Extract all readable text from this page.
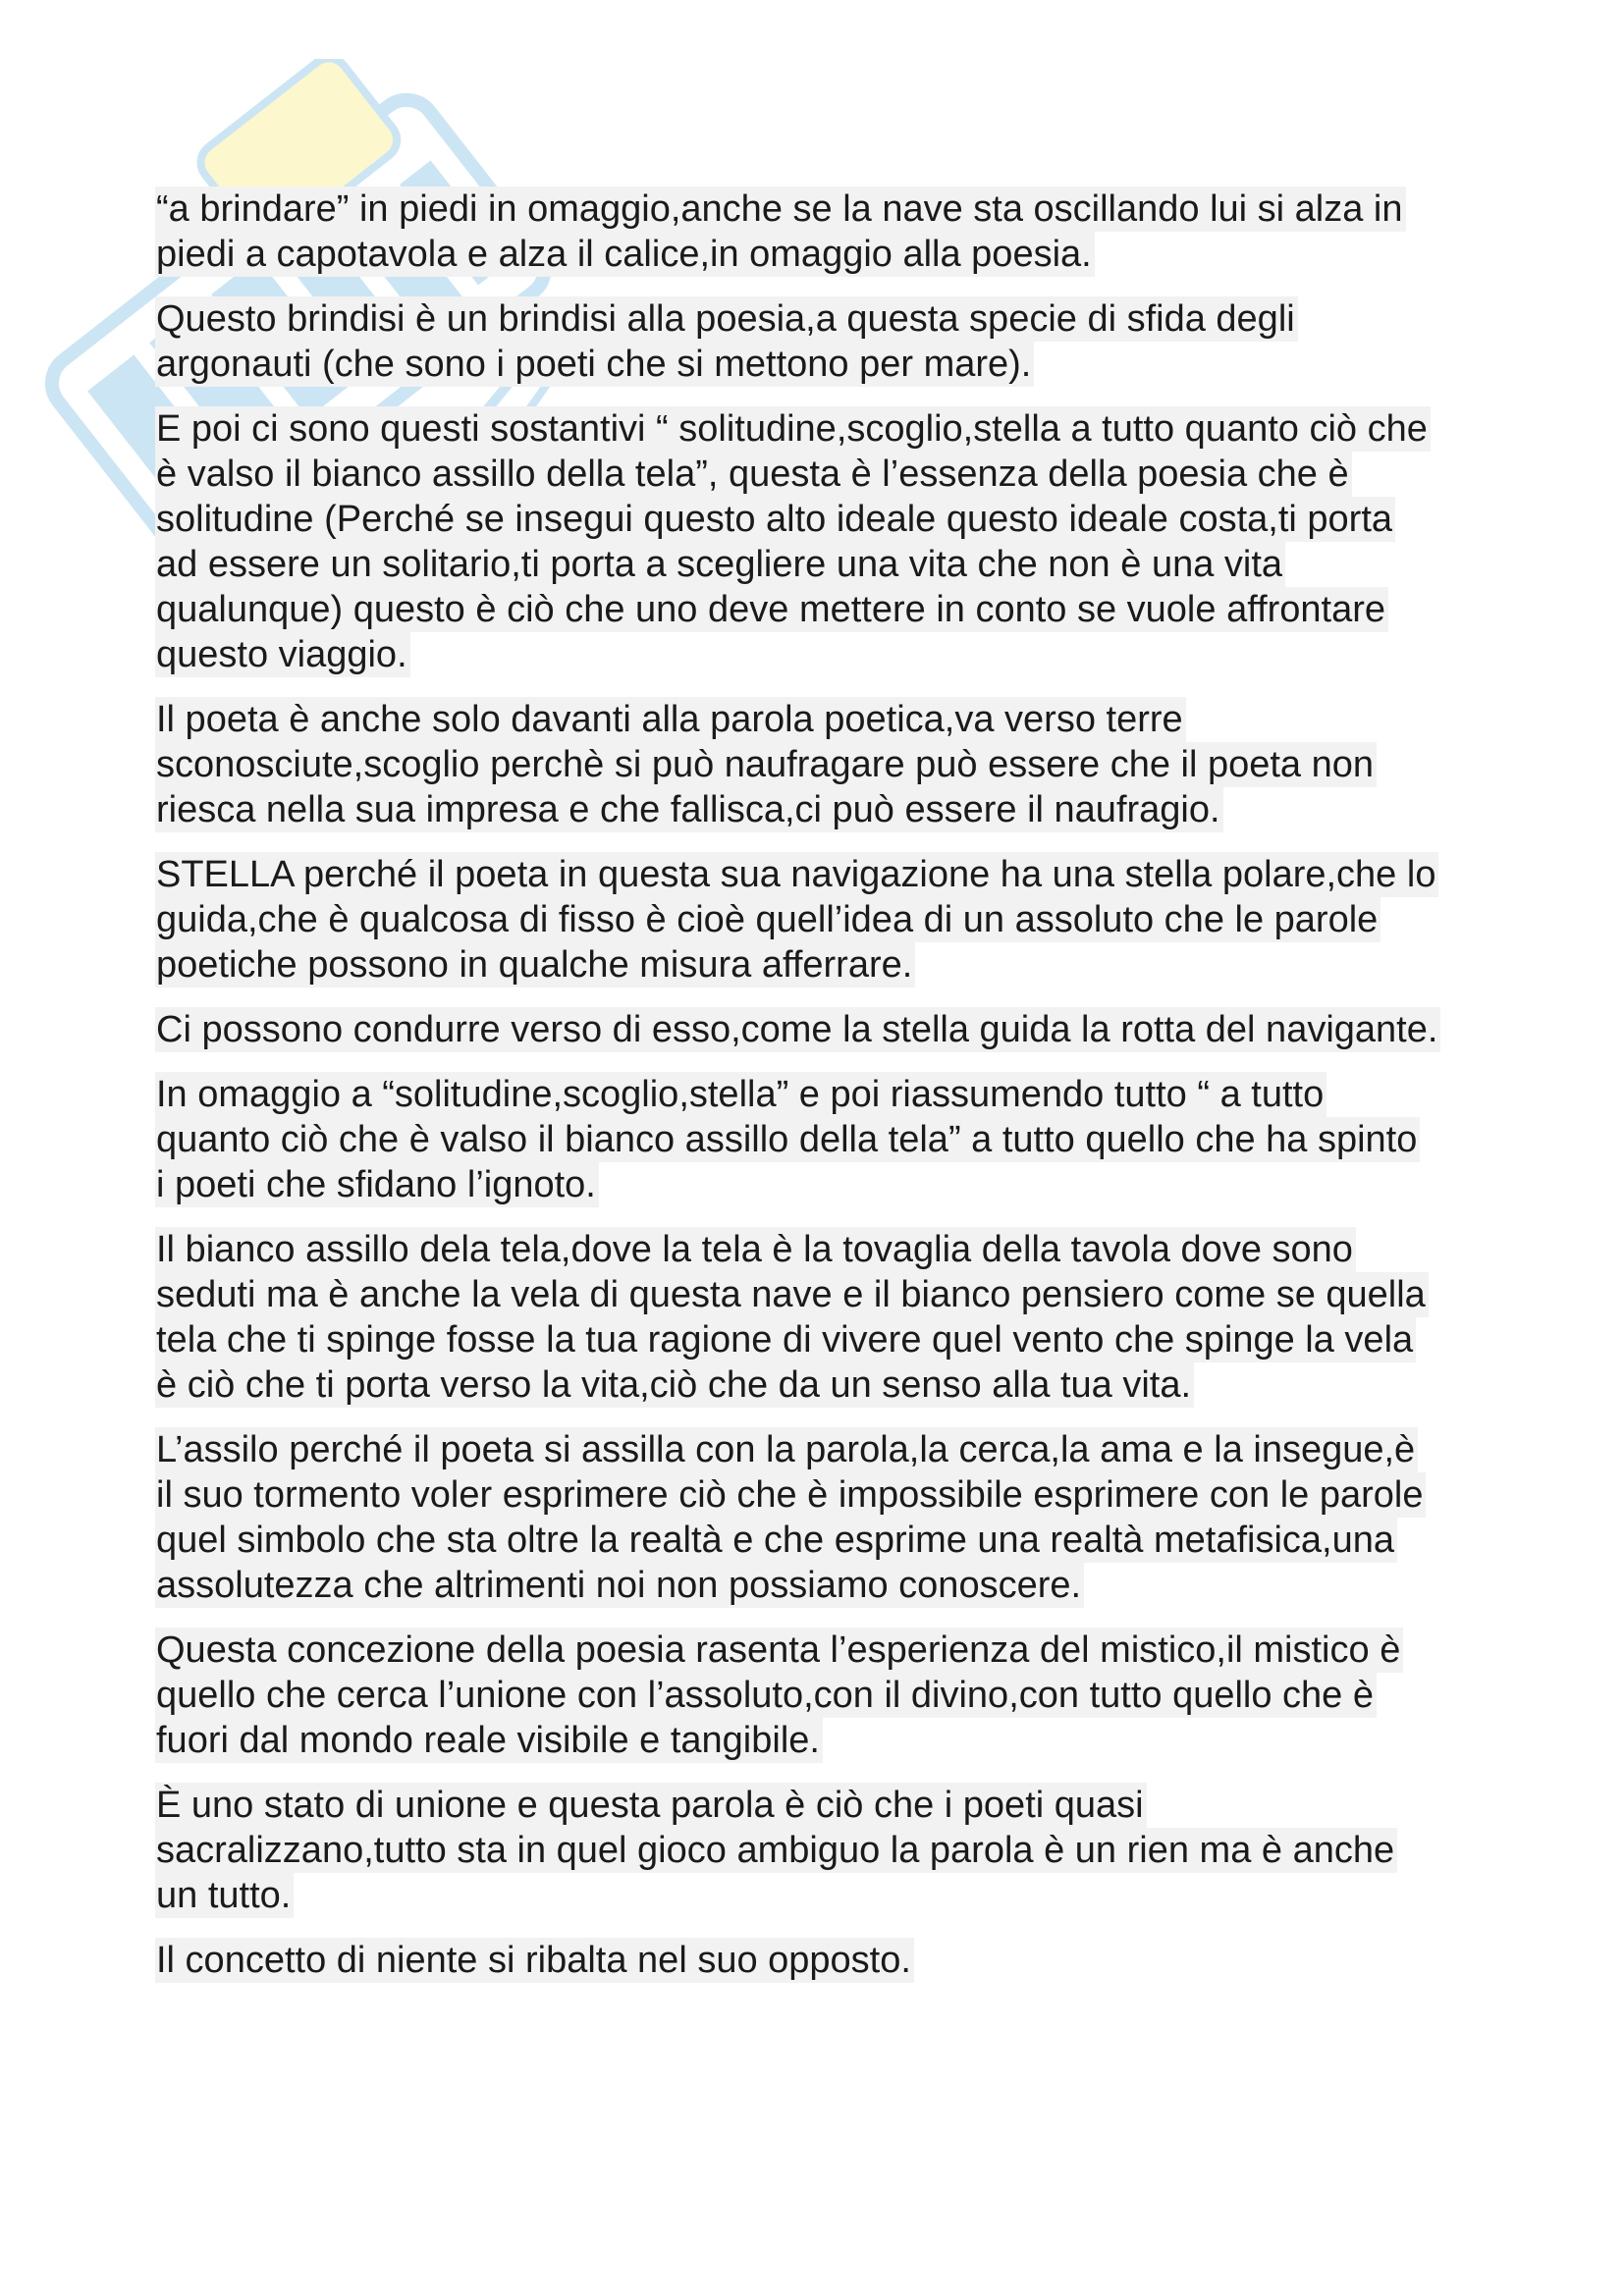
“a brindare” in piedi in omaggio,anche se la nave sta oscillando lui si alza in
piedi a capotavola e alza il calice,in omaggio alla poesia.

Questo brindisi è un brindisi alla poesia,a questa specie di sfida degli
argonauti (che sono i poeti che si mettono per mare).

E poi ci sono questi sostantivi “ solitudine,scoglio,stella a tutto quanto ciò che
è valso il bianco assillo della tela”, questa è l’essenza della poesia che è
solitudine (Perché se insegui questo alto ideale questo ideale costa,ti porta
ad essere un solitario,ti porta a scegliere una vita che non è una vita
qualunque) questo è ciò che uno deve mettere in conto se vuole affrontare
questo viaggio.

Il poeta è anche solo davanti alla parola poetica,va verso terre
sconosciute,scoglio perchè si può naufragare può essere che il poeta non
riesca nella sua impresa e che fallisca,ci può essere il naufragio.

STELLA perché il poeta in questa sua navigazione ha una stella polare,che lo
guida,che è qualcosa di fisso è cioè quell’idea di un assoluto che le parole
poetiche possono in qualche misura afferrare.

Ci possono condurre verso di esso,come la stella guida la rotta del navigante.

In omaggio a “solitudine,scoglio,stella” e poi riassumendo tutto “ a tutto
quanto ciò che è valso il bianco assillo della tela” a tutto quello che ha spinto
i poeti che sfidano l’ignoto.

Il bianco assillo dela tela,dove la tela è la tovaglia della tavola dove sono
seduti ma è anche la vela di questa nave e il bianco pensiero come se quella
tela che ti spinge fosse la tua ragione di vivere quel vento che spinge la vela
è ciò che ti porta verso la vita,ciò che da un senso alla tua vita.

L’assilo perché il poeta si assilla con la parola,la cerca,la ama e la insegue,è
il suo tormento voler esprimere ciò che è impossibile esprimere con le parole
quel simbolo che sta oltre la realtà e che esprime una realtà metafisica,una
assolutezza che altrimenti noi non possiamo conoscere.

Questa concezione della poesia rasenta l’esperienza del mistico,il mistico è
quello che cerca l’unione con l’assoluto,con il divino,con tutto quello che è
fuori dal mondo reale visibile e tangibile.

È uno stato di unione e questa parola è ciò che i poeti quasi
sacralizzano,tutto sta in quel gioco ambiguo la parola è un rien ma è anche
un tutto.

Il concetto di niente si ribalta nel suo opposto.
